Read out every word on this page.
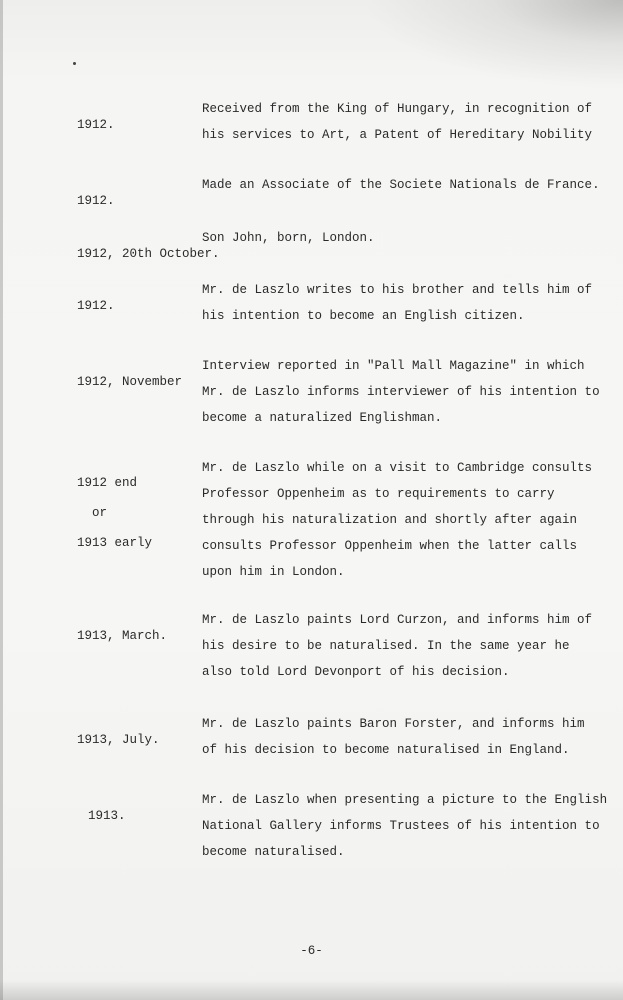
1912.

Received from the King of Hungary, in recognition of
his services to Art, a Patent of Hereditary Nobility

1912.

Made an Associate of the Societe Nationals de France.

1912, 20th October.

Son John, born, London.

1912.

Mr. de Laszlo writes to his brother and tells him of
his intention to become an English citizen.

1912, November

Interview reported in "Pall Mall Magazine" in which
Mr. de Laszlo informs interviewer of his intention to
become a naturalized Englishman.

1912 end

or

1913 early

Mr. de Laszlo while on a visit to Cambridge consults
Professor Oppenheim as to requirements to carry
through his naturalization and shortly after again
consults Professor Oppenheim when the latter calls
upon him in London.

1913, March.

Mr. de Laszlo paints Lord Curzon, and informs him of
his desire to be naturalised. In the same year he
also told Lord Devonport of his decision.

1913, July.

Mr. de Laszlo paints Baron Forster, and informs him
of his decision to become naturalised in England.

1913.

Mr. de Laszlo when presenting a picture to the English
National Gallery informs Trustees of his intention to
become naturalised.
-6-
